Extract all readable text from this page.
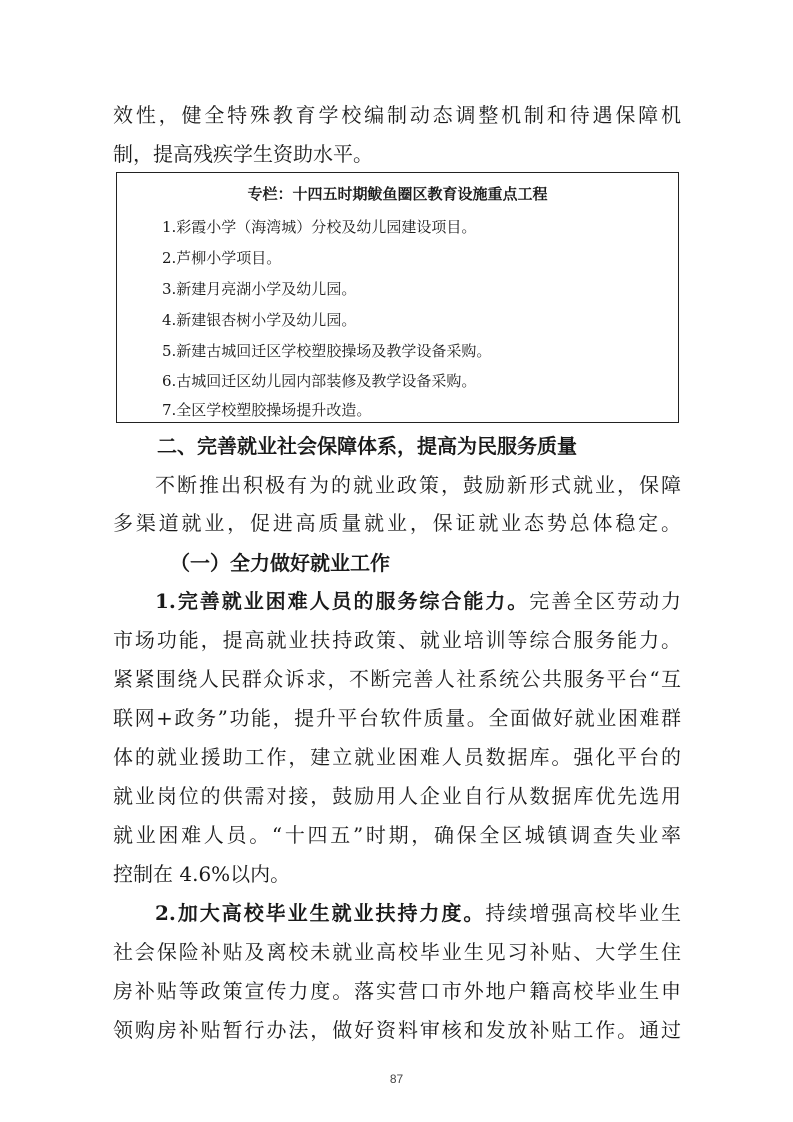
效性，健全特殊教育学校编制动态调整机制和待遇保障机

制，提高残疾学生资助水平。

专栏：十四五时期鲅鱼圈区教育设施重点工程

1.彩霞小学（海湾城）分校及幼儿园建设项目。

2.芦柳小学项目。

3.新建月亮湖小学及幼儿园。

4.新建银杏树小学及幼儿园。

5.新建古城回迁区学校塑胶操场及教学设备采购。

6.古城回迁区幼儿园内部装修及教学设备采购。

7.全区学校塑胶操场提升改造。

二、完善就业社会保障体系，提高为民服务质量

不断推出积极有为的就业政策，鼓励新形式就业，保障

多渠道就业，促进高质量就业，保证就业态势总体稳定。

（一）全力做好就业工作

1.完善就业困难人员的服务综合能力。完善全区劳动力

市场功能，提高就业扶持政策、就业培训等综合服务能力。

紧紧围绕人民群众诉求，不断完善人社系统公共服务平台“互

联网+政务”功能，提升平台软件质量。全面做好就业困难群

体的就业援助工作，建立就业困难人员数据库。强化平台的

就业岗位的供需对接，鼓励用人企业自行从数据库优先选用

就业困难人员。“十四五”时期，确保全区城镇调查失业率

控制在 4.6%以内。

2.加大高校毕业生就业扶持力度。持续增强高校毕业生

社会保险补贴及离校未就业高校毕业生见习补贴、大学生住

房补贴等政策宣传力度。落实营口市外地户籍高校毕业生申

领购房补贴暂行办法，做好资料审核和发放补贴工作。通过

87
